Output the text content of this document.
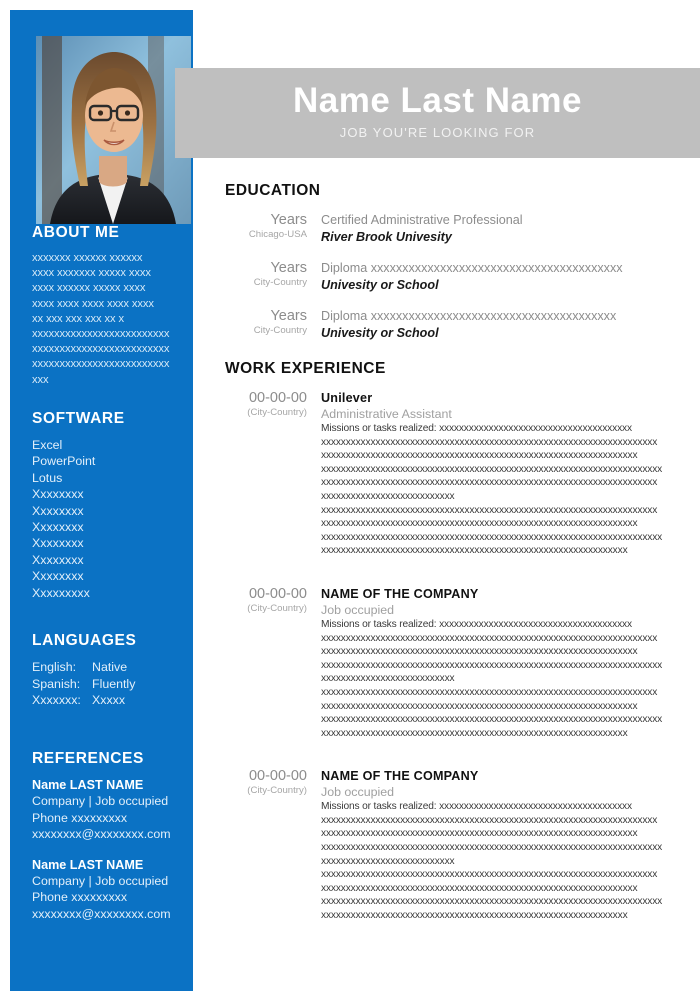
ABOUT ME
xxxxxxx xxxxxx xxxxxx
xxxx xxxxxxx xxxxx xxxx
xxxx xxxxxx xxxxx xxxx
xxxx xxxx xxxx xxxx xxxx
xx xxx xxx xxx xx x
xxxxxxxxxxxxxxxxxxxxxxxxx
xxxxxxxxxxxxxxxxxxxxxxxxx
xxxxxxxxxxxxxxxxxxxxxxxxx
xxx
SOFTWARE
Excel
PowerPoint
Lotus
Xxxxxxxx
Xxxxxxxx
Xxxxxxxx
Xxxxxxxx
Xxxxxxxx
Xxxxxxxx
Xxxxxxxxx
LANGUAGES
English: Native
Spanish: Fluently
Xxxxxxx: Xxxxx
REFERENCES
Name LAST NAME
Company | Job occupied
Phone xxxxxxxxx
xxxxxxxx@xxxxxxxx.com
Name LAST NAME
Company | Job occupied
Phone xxxxxxxxx
xxxxxxxx@xxxxxxxx.com
Name Last Name
JOB YOU'RE LOOKING FOR
EDUCATION
Years
Chicago-USA
Certified Administrative Professional
River Brook Univesity
Years
City-Country
Diploma xxxxxxxxxxxxxxxxxxxxxxxxxxxxxxxxxxxxxxxx
Univesity or School
Years
City-Country
Diploma xxxxxxxxxxxxxxxxxxxxxxxxxxxxxxxxxxxxxxx
Univesity or School
WORK EXPERIENCE
00-00-00
(City-Country)
Unilever
Administrative Assistant
Missions or tasks realized: xxxxxxxxxxxxxxxxxxxxxxxxxxxxxxxxxxxxxxx
xxxxxxxxxxxxxxxxxxxxxxxxxxxxxxxxxxxxxxxxxxxxxxxxxxxxxxxxxxxxxxxxxxxx
xxxxxxxxxxxxxxxxxxxxxxxxxxxxxxxxxxxxxxxxxxxxxxxxxxxxxxxxxxxxxxxx
xxxxxxxxxxxxxxxxxxxxxxxxxxxxxxxxxxxxxxxxxxxxxxxxxxxxxxxxxxxxxxxxxxxxx
xxxxxxxxxxxxxxxxxxxxxxxxxxxxxxxxxxxxxxxxxxxxxxxxxxxxxxxxxxxxxxxxxxxx
xxxxxxxxxxxxxxxxxxxxxxxxxxx
xxxxxxxxxxxxxxxxxxxxxxxxxxxxxxxxxxxxxxxxxxxxxxxxxxxxxxxxxxxxxxxxxxxx
xxxxxxxxxxxxxxxxxxxxxxxxxxxxxxxxxxxxxxxxxxxxxxxxxxxxxxxxxxxxxxxx
xxxxxxxxxxxxxxxxxxxxxxxxxxxxxxxxxxxxxxxxxxxxxxxxxxxxxxxxxxxxxxxxxxxxx
xxxxxxxxxxxxxxxxxxxxxxxxxxxxxxxxxxxxxxxxxxxxxxxxxxxxxxxxxxxxxx
00-00-00
(City-Country)
NAME OF THE COMPANY
Job occupied
Missions or tasks realized: xxxxxxxxxxxxxxxxxxxxxxxxxxxxxxxxxxxxxxx
xxxxxxxxxxxxxxxxxxxxxxxxxxxxxxxxxxxxxxxxxxxxxxxxxxxxxxxxxxxxxxxxxxxx
xxxxxxxxxxxxxxxxxxxxxxxxxxxxxxxxxxxxxxxxxxxxxxxxxxxxxxxxxxxxxxxx
xxxxxxxxxxxxxxxxxxxxxxxxxxxxxxxxxxxxxxxxxxxxxxxxxxxxxxxxxxxxxxxxxxxxx
xxxxxxxxxxxxxxxxxxxxxxxxxxx
xxxxxxxxxxxxxxxxxxxxxxxxxxxxxxxxxxxxxxxxxxxxxxxxxxxxxxxxxxxxxxxxxxxx
xxxxxxxxxxxxxxxxxxxxxxxxxxxxxxxxxxxxxxxxxxxxxxxxxxxxxxxxxxxxxxxx
xxxxxxxxxxxxxxxxxxxxxxxxxxxxxxxxxxxxxxxxxxxxxxxxxxxxxxxxxxxxxxxxxxxxx
xxxxxxxxxxxxxxxxxxxxxxxxxxxxxxxxxxxxxxxxxxxxxxxxxxxxxxxxxxxxxx
00-00-00
(City-Country)
NAME OF THE COMPANY
Job occupied
Missions or tasks realized: xxxxxxxxxxxxxxxxxxxxxxxxxxxxxxxxxxxxxxx
xxxxxxxxxxxxxxxxxxxxxxxxxxxxxxxxxxxxxxxxxxxxxxxxxxxxxxxxxxxxxxxxxxxx
xxxxxxxxxxxxxxxxxxxxxxxxxxxxxxxxxxxxxxxxxxxxxxxxxxxxxxxxxxxxxxxx
xxxxxxxxxxxxxxxxxxxxxxxxxxxxxxxxxxxxxxxxxxxxxxxxxxxxxxxxxxxxxxxxxxxxx
xxxxxxxxxxxxxxxxxxxxxxxxxxx
xxxxxxxxxxxxxxxxxxxxxxxxxxxxxxxxxxxxxxxxxxxxxxxxxxxxxxxxxxxxxxxxxxxx
xxxxxxxxxxxxxxxxxxxxxxxxxxxxxxxxxxxxxxxxxxxxxxxxxxxxxxxxxxxxxxxx
xxxxxxxxxxxxxxxxxxxxxxxxxxxxxxxxxxxxxxxxxxxxxxxxxxxxxxxxxxxxxxxxxxxxx
xxxxxxxxxxxxxxxxxxxxxxxxxxxxxxxxxxxxxxxxxxxxxxxxxxxxxxxxxxxxxx
